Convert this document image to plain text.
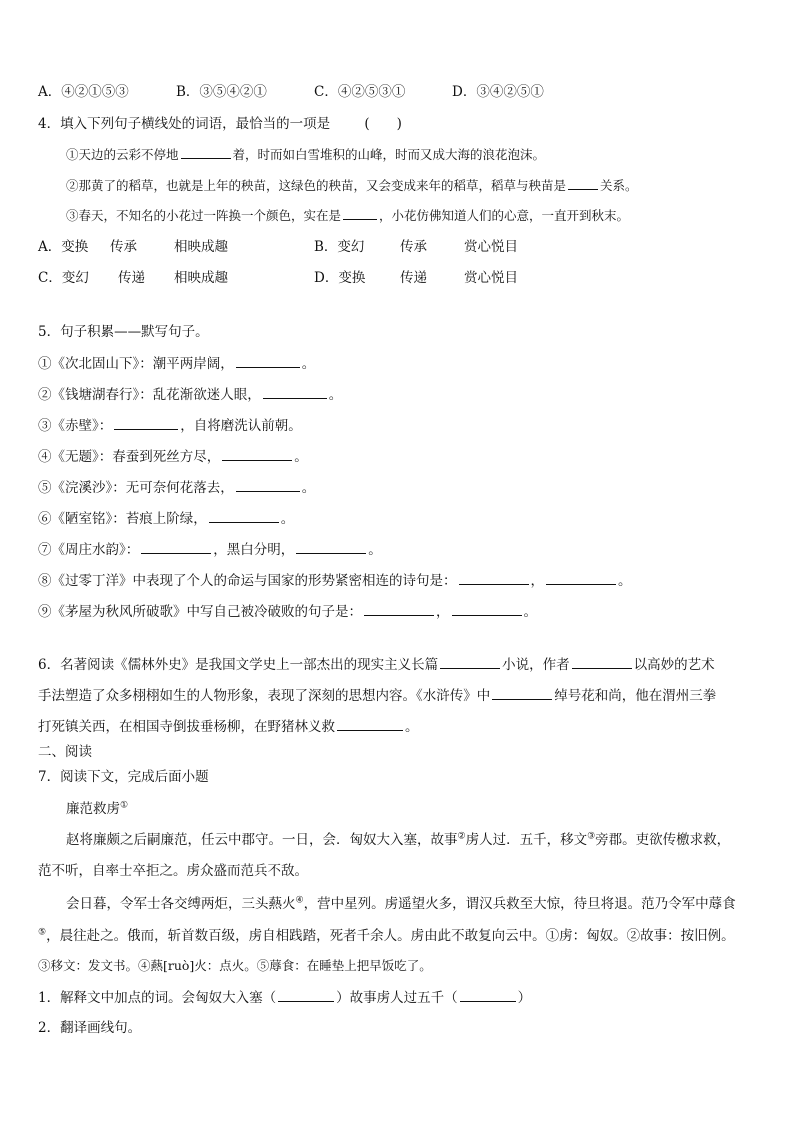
A．④②①⑤③	B．③⑤④②①	C．④②⑤③①	D．③④②⑤①
4．填入下列句子横线处的词语，最恰当的一项是	(　　)
①天边的云彩不停地	着，时而如白雪堆积的山峰，时而又成大海的浪花泡沫。
②那黄了的稻草，也就是上年的秧苗，这绿色的秧苗，又会变成来年的稻草，稻草与秧苗是	关系。
③春天，不知名的小花过一阵换一个颜色，实在是	，小花仿佛知道人们的心意，一直开到秋末。
A．变换 传承	相映成趣	B．变幻	传承	赏心悦目
C．变幻 传递 相映成趣	D．变换	传递	赏心悦目
5．句子积累——默写句子。
①《次北固山下》：潮平两岸阔，	。
②《钱塘湖春行》：乱花渐欲迷人眼，	。
③《赤壁》：	，自将磨洗认前朝。
④《无题》：春蚕到死丝方尽，	。
⑤《浣溪沙》：无可奈何花落去，	。
⑥《陋室铭》：苔痕上阶绿，	。
⑦《周庄水韵》：	，黑白分明，	。
⑧《过零丁洋》中表现了个人的命运与国家的形势紧密相连的诗句是：	，	。
⑨《茅屋为秋风所破歌》中写自己被冷破败的句子是：	，	。
6．名著阅读《儒林外史》是我国文学史上一部杰出的现实主义长篇	小说，作者	以高妙的艺术
手法塑造了众多栩栩如生的人物形象，表现了深刻的思想内容。《水浒传》中	绰号花和尚，他在渭州三拳
打死镇关西，在相国寺倒拔垂杨柳，在野猪林义救	。
二、阅读
7．阅读下文，完成后面小题
廉范救虏①
赵将廉颇之后嗣廉范，任云中郡守。一日，会．匈奴大入塞，故事②虏人过．五千，移文③旁郡。吏欲传檄求救，
范不听，自率士卒拒之。虏众盛而范兵不敌。
会日暮，令军士各交缚两炬，三头爇火④，营中星列。虏遥望火多，谓汉兵救至大惊，待旦将退。范乃令军中蓐食
⑤，晨往赴之。俄而，斩首数百级，虏自相践踏，死者千余人。虏由此不敢复向云中。①虏：匈奴。②故事：按旧例。
③移文：发文书。④爇[ruò]火：点火。⑤蓐食：在睡垫上把早饭吃了。
1．解释文中加点的词。会匈奴大入塞（	）故事虏人过五千（	）
2．翻译画线句。
